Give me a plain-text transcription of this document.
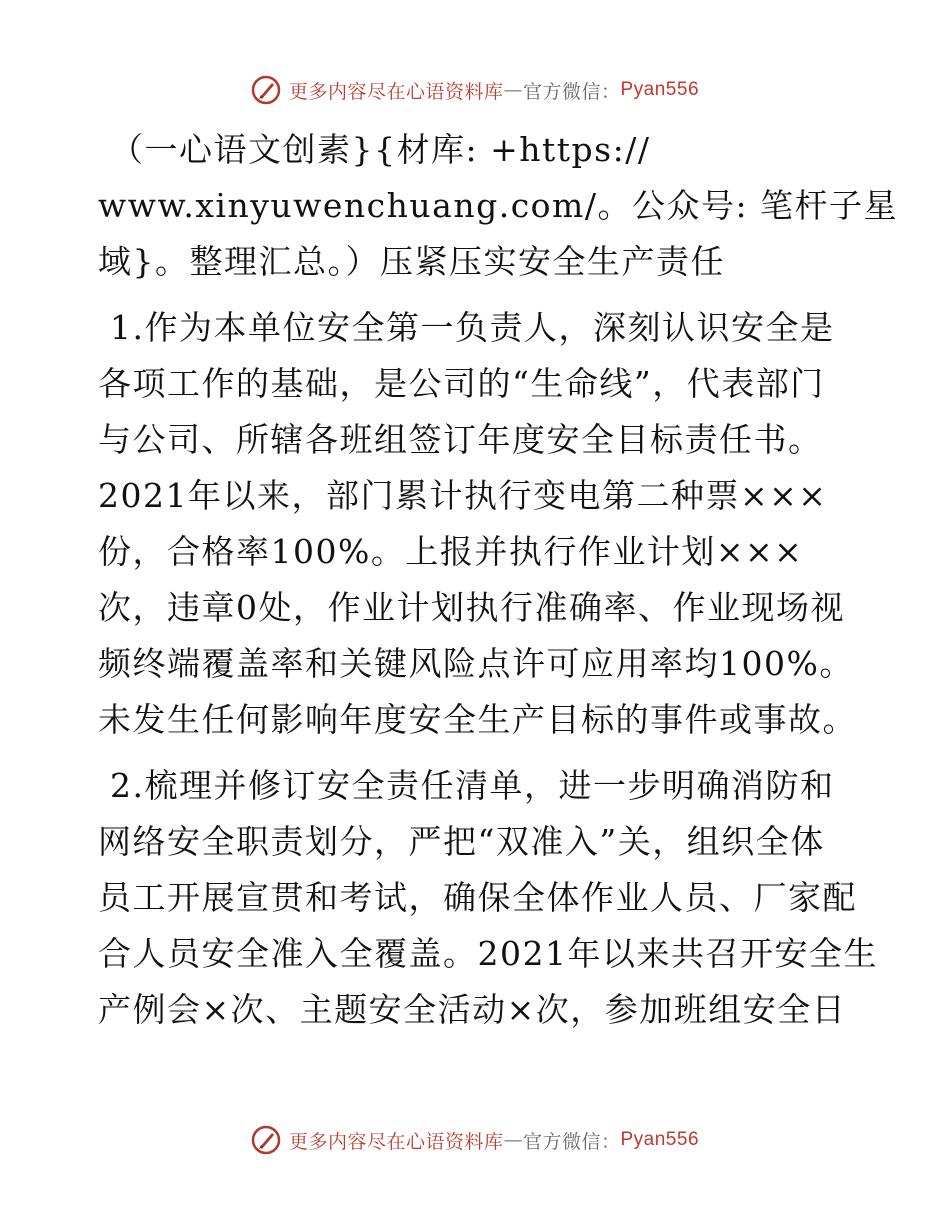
更多内容尽在心语资料库 — 官方微信： Pyan556

（一心语文创素}{材库: +https://
www.xinyuwenchuang.com/。公众号: 笔杆子星
域}。整理汇总。）压紧压实安全生产责任

1.作为本单位安全第一负责人，深刻认识安全是
各项工作的基础，是公司的“生命线”，代表部门
与公司、所辖各班组签订年度安全目标责任书。
2021年以来，部门累计执行变电第二种票×××
份，合格率100%。上报并执行作业计划×××
次，违章0处，作业计划执行准确率、作业现场视
频终端覆盖率和关键风险点许可应用率均100%。
未发生任何影响年度安全生产目标的事件或事故。

2.梳理并修订安全责任清单，进一步明确消防和
网络安全职责划分，严把“双准入”关，组织全体
员工开展宣贯和考试，确保全体作业人员、厂家配
合人员安全准入全覆盖。2021年以来共召开安全生
产例会×次、主题安全活动×次，参加班组安全日

更多内容尽在心语资料库 — 官方微信： Pyan556
